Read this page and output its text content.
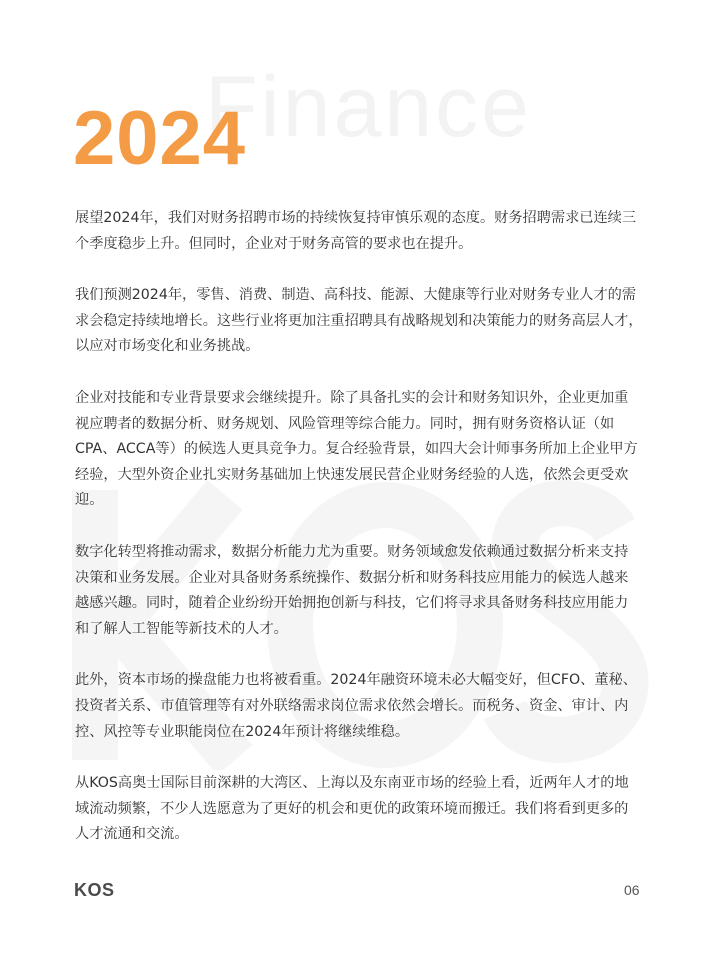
Finance
2024

展望2024年，我们对财务招聘市场的持续恢复持审慎乐观的态度。财务招聘需求已连续三
个季度稳步上升。但同时，企业对于财务高管的要求也在提升。

我们预测2024年，零售、消费、制造、高科技、能源、大健康等行业对财务专业人才的需
求会稳定持续地增长。这些行业将更加注重招聘具有战略规划和决策能力的财务高层人才，
以应对市场变化和业务挑战。

企业对技能和专业背景要求会继续提升。除了具备扎实的会计和财务知识外，企业更加重
视应聘者的数据分析、财务规划、风险管理等综合能力。同时，拥有财务资格认证（如
CPA、ACCA等）的候选人更具竞争力。复合经验背景，如四大会计师事务所加上企业甲方
经验，大型外资企业扎实财务基础加上快速发展民营企业财务经验的人选，依然会更受欢
迎。

数字化转型将推动需求，数据分析能力尤为重要。财务领域愈发依赖通过数据分析来支持
决策和业务发展。企业对具备财务系统操作、数据分析和财务科技应用能力的候选人越来
越感兴趣。同时，随着企业纷纷开始拥抱创新与科技，它们将寻求具备财务科技应用能力
和了解人工智能等新技术的人才。

此外，资本市场的操盘能力也将被看重。2024年融资环境未必大幅变好，但CFO、董秘、
投资者关系、市值管理等有对外联络需求岗位需求依然会增长。而税务、资金、审计、内
控、风控等专业职能岗位在2024年预计将继续维稳。

从KOS高奥士国际目前深耕的大湾区、上海以及东南亚市场的经验上看，近两年人才的地
域流动频繁，不少人选愿意为了更好的机会和更优的政策环境而搬迁。我们将看到更多的
人才流通和交流。

KOS	06
